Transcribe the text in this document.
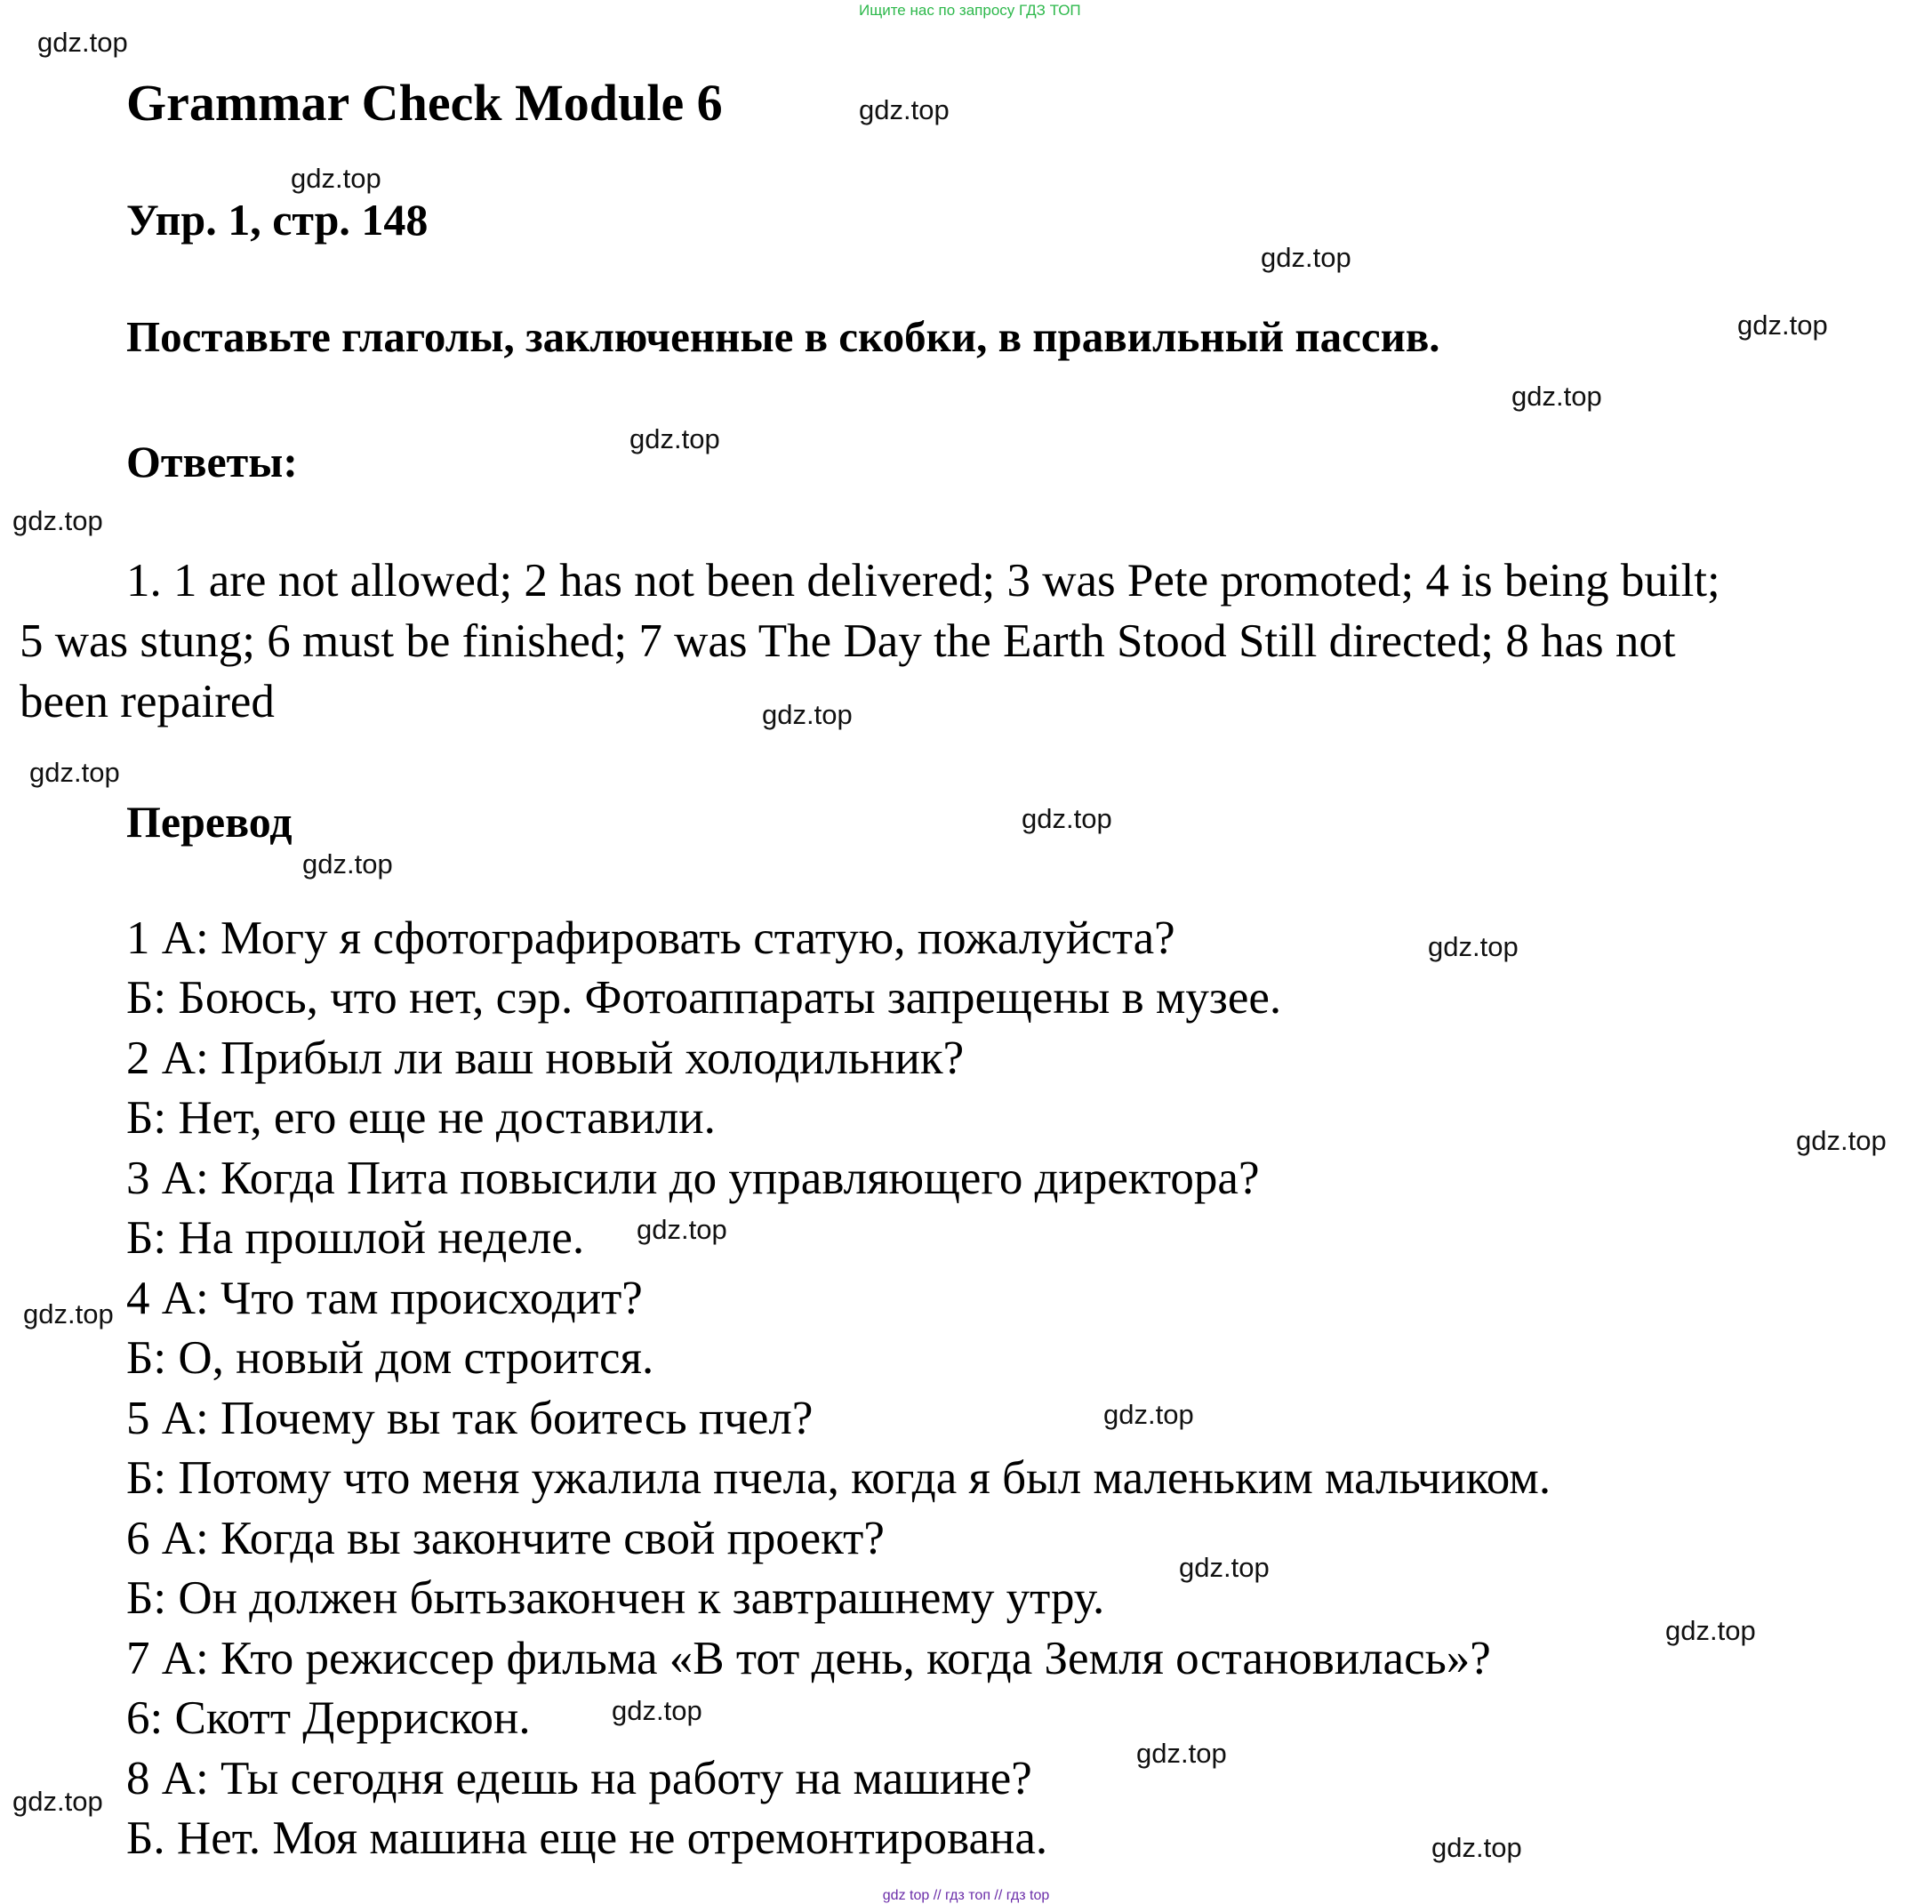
Ищите нас по запросу ГДЗ ТОП
Grammar Check Module 6
Упр. 1, стр. 148
Поставьте глаголы, заключенные в скобки, в правильный пассив.
Ответы:
1. 1 are not allowed; 2 has not been delivered; 3 was Pete promoted; 4 is being built;
5 was stung; 6 must be finished; 7 was The Day the Earth Stood Still directed; 8 has not
been repaired
Перевод
1 А: Могу я сфотографировать статую, пожалуйста?
Б: Боюсь, что нет, сэр. Фотоаппараты запрещены в музее.
2 А: Прибыл ли ваш новый холодильник?
Б: Нет, его еще не доставили.
3 А: Когда Пита повысили до управляющего директора?
Б: На прошлой неделе.
4 А: Что там происходит?
Б: О, новый дом строится.
5 А: Почему вы так боитесь пчел?
Б: Потому что меня ужалила пчела, когда я был маленьким мальчиком.
6 А: Когда вы закончите свой проект?
Б: Он должен бытьзакончен к завтрашнему утру.
7 А: Кто режиссер фильма «В тот день, когда Земля остановилась»?
6: Скотт Деррискон.
8 А: Ты сегодня едешь на работу на машине?
Б. Нет. Моя машина еще не отремонтирована.
gdz.top
gdz.top
gdz.top
gdz.top
gdz.top
gdz.top
gdz.top
gdz.top
gdz.top
gdz.top
gdz.top
gdz.top
gdz.top
gdz.top
gdz.top
gdz.top
gdz.top
gdz.top
gdz.top
gdz.top
gdz.top
gdz.top
gdz.top
gdz top // гдз топ // гдз top
